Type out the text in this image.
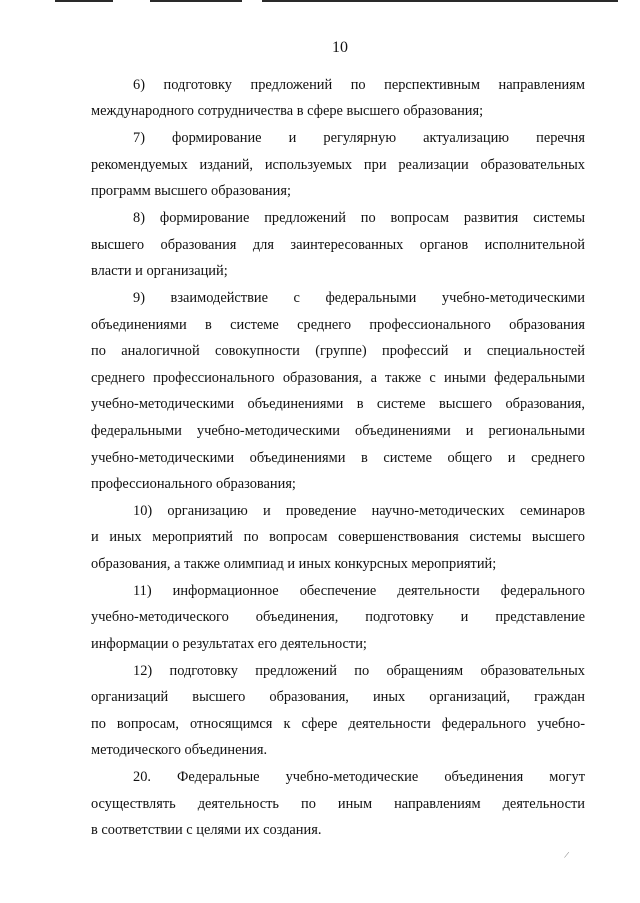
10
6) подготовку предложений по перспективным направлениям
международного сотрудничества в сфере высшего образования;
7) формирование и регулярную актуализацию перечня
рекомендуемых изданий, используемых при реализации образовательных
программ высшего образования;
8) формирование предложений по вопросам развития системы
высшего образования для заинтересованных органов исполнительной
власти и организаций;
9) взаимодействие с федеральными учебно-методическими
объединениями в системе среднего профессионального образования
по аналогичной совокупности (группе) профессий и специальностей
среднего профессионального образования, а также с иными федеральными
учебно-методическими объединениями в системе высшего образования,
федеральными учебно-методическими объединениями и региональными
учебно-методическими объединениями в системе общего и среднего
профессионального образования;
10) организацию и проведение научно-методических семинаров
и иных мероприятий по вопросам совершенствования системы высшего
образования, а также олимпиад и иных конкурсных мероприятий;
11) информационное обеспечение деятельности федерального
учебно-методического объединения, подготовку и представление
информации о результатах его деятельности;
12) подготовку предложений по обращениям образовательных
организаций высшего образования, иных организаций, граждан
по вопросам, относящимся к сфере деятельности федерального учебно-
методического объединения.
20. Федеральные учебно-методические объединения могут
осуществлять деятельность по иным направлениям деятельности
в соответствии с целями их создания.
/
